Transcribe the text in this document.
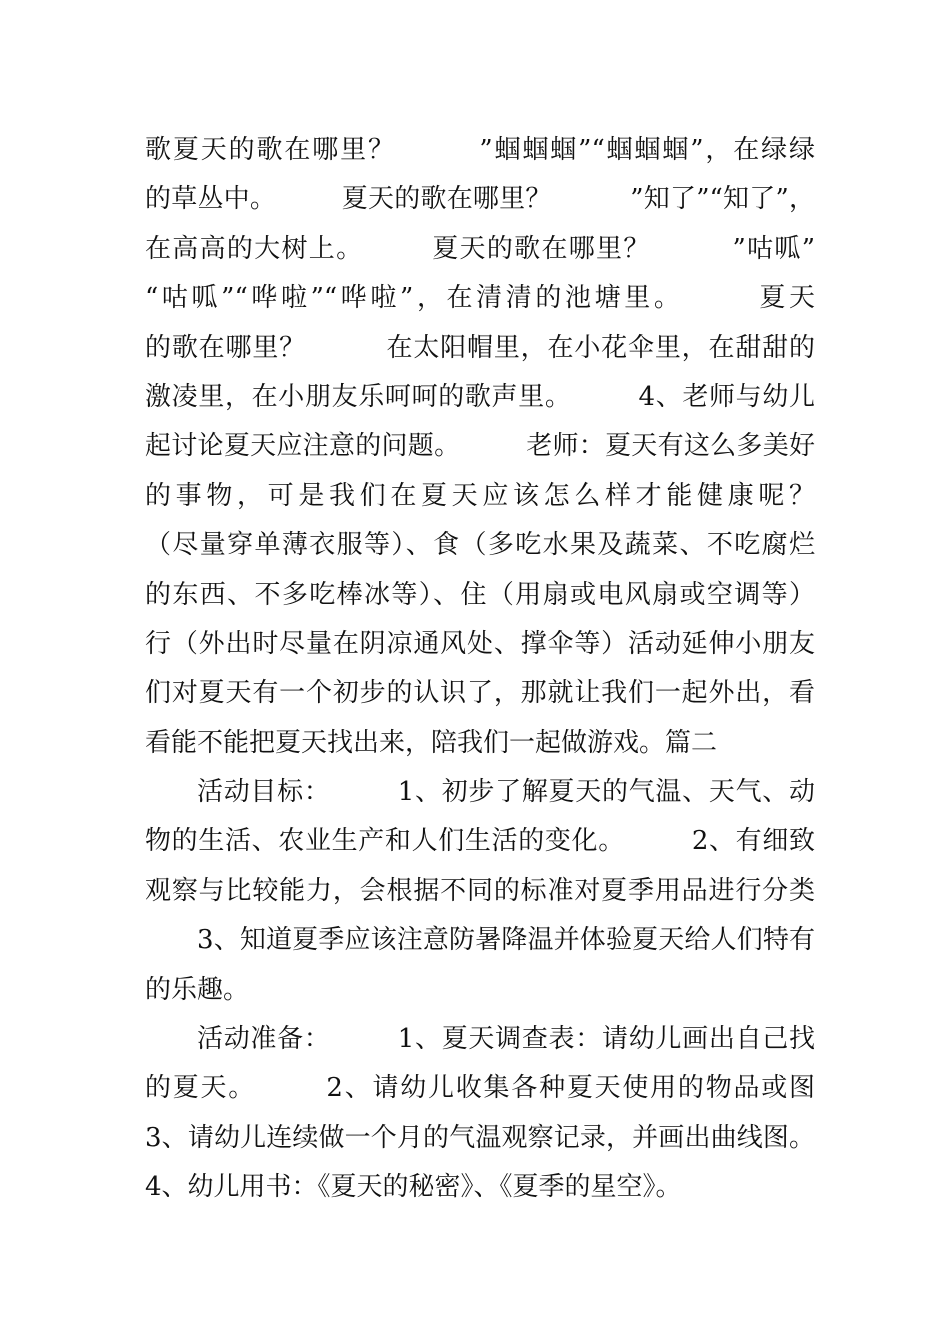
歌夏天的歌在哪里？　　　”蝈蝈蝈”“蝈蝈蝈”，在绿绿
的草丛中。　　　夏天的歌在哪里？　　　”知了”“知了”，
在高高的大树上。　　　夏天的歌在哪里？　　　”咕呱”
“咕呱”“哗啦”“哗啦”，在清清的池塘里。　　　夏天
的歌在哪里？　　　在太阳帽里，在小花伞里，在甜甜的
激凌里，在小朋友乐呵呵的歌声里。　　　4、老师与幼儿
起讨论夏天应注意的问题。　　　老师：夏天有这么多美好
的事物，可是我们在夏天应该怎么样才能健康呢？　　　
（尽量穿单薄衣服等）、食（多吃水果及蔬菜、不吃腐烂
的东西、不多吃棒冰等）、住（用扇或电风扇或空调等）
行（外出时尽量在阴凉通风处、撑伞等）活动延伸小朋友
们对夏天有一个初步的认识了，那就让我们一起外出，看
看能不能把夏天找出来，陪我们一起做游戏。篇二
活动目标：　　　1、初步了解夏天的气温、天气、动
物的生活、农业生产和人们生活的变化。　　　2、有细致
观察与比较能力，会根据不同的标准对夏季用品进行分类
3、知道夏季应该注意防暑降温并体验夏天给人们特有
的乐趣。
活动准备：　　　1、夏天调查表：请幼儿画出自己找
的夏天。　　　2、请幼儿收集各种夏天使用的物品或图
3、请幼儿连续做一个月的气温观察记录，并画出曲线图。
4、幼儿用书：《夏天的秘密》、《夏季的星空》。
